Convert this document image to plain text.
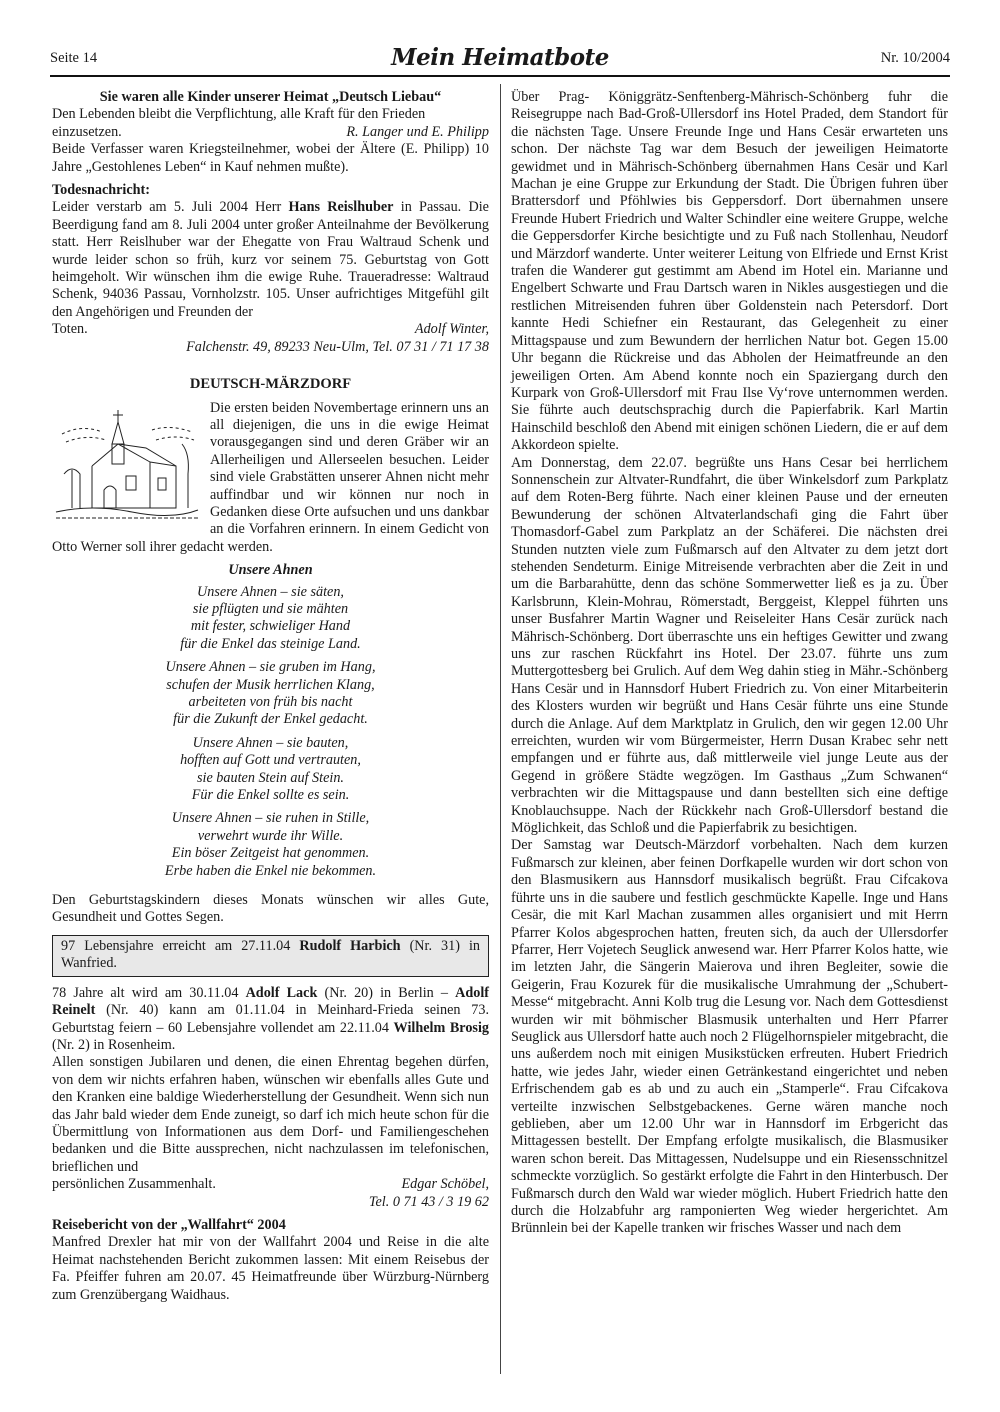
Seite 14	Mein Heimatbote	Nr. 10/2004

Sie waren alle Kinder unserer Heimat „Deutsch Liebau“

Den Lebenden bleibt die Verpflichtung, alle Kraft für den Frieden

einzusetzen.	R. Langer und E. Philipp

Beide Verfasser waren Kriegsteilnehmer, wobei der Ältere (E. Philipp) 10 Jahre „Gestohlenes Leben“ in Kauf nehmen mußte).

Todesnachricht:

Leider verstarb am 5. Juli 2004 Herr Hans Reislhuber in Passau. Die Beerdigung fand am 8. Juli 2004 unter großer Anteilnahme der Bevölkerung statt. Herr Reislhuber war der Ehegatte von Frau Waltraud Schenk und wurde leider schon so früh, kurz vor seinem 75. Geburtstag von Gott heimgeholt. Wir wünschen ihm die ewige Ruhe. Traueradresse: Waltraud Schenk, 94036 Passau, Vornholzstr. 105. Unser aufrichtiges Mitgefühl gilt den Angehörigen und Freunden der

Toten.	Adolf Winter,

Falchenstr. 49, 89233 Neu-Ulm, Tel. 07 31 / 71 17 38

DEUTSCH-MÄRZDORF

Die ersten beiden Novembertage erinnern uns an all diejenigen, die uns in die ewige Heimat vorausgegangen sind und deren Gräber wir an Allerheiligen und Allerseelen besuchen. Leider sind viele Grabstätten unserer Ahnen nicht mehr auffindbar und wir können nur noch in Gedanken diese Orte aufsuchen und uns dankbar an die Vorfahren erinnern. In einem Gedicht von Otto Werner soll ihrer gedacht werden.

Unsere Ahnen

Unsere Ahnen – sie säten,
sie pflügten und sie mähten
mit fester, schwieliger Hand
für die Enkel das steinige Land.
Unsere Ahnen – sie gruben im Hang,
schufen der Musik herrlichen Klang,
arbeiteten von früh bis nacht
für die Zukunft der Enkel gedacht.
Unsere Ahnen – sie bauten,
hofften auf Gott und vertrauten,
sie bauten Stein auf Stein.
Für die Enkel sollte es sein.
Unsere Ahnen – sie ruhen in Stille,
verwehrt wurde ihr Wille.
Ein böser Zeitgeist hat genommen.
Erbe haben die Enkel nie bekommen.

Den Geburtstagskindern dieses Monats wünschen wir alles Gute, Gesundheit und Gottes Segen.

97 Lebensjahre erreicht am 27.11.04 Rudolf Harbich (Nr. 31) in Wanfried.

78 Jahre alt wird am 30.11.04 Adolf Lack (Nr. 20) in Berlin – Adolf Reinelt (Nr. 40) kann am 01.11.04 in Meinhard-Frieda seinen 73. Geburtstag feiern – 60 Lebensjahre vollendet am 22.11.04 Wilhelm Brosig (Nr. 2) in Rosenheim.

Allen sonstigen Jubilaren und denen, die einen Ehrentag begehen dürfen, von dem wir nichts erfahren haben, wünschen wir ebenfalls alles Gute und den Kranken eine baldige Wiederherstellung der Gesundheit. Wenn sich nun das Jahr bald wieder dem Ende zuneigt, so darf ich mich heute schon für die Übermittlung von Informationen aus dem Dorf- und Familiengeschehen bedanken und die Bitte aussprechen, nicht nachzulassen im telefonischen, brieflichen und

persönlichen Zusammenhalt.	Edgar Schöbel,

Tel. 0 71 43 / 3 19 62

Reisebericht von der „Wallfahrt“ 2004

Manfred Drexler hat mir von der Wallfahrt 2004 und Reise in die alte Heimat nachstehenden Bericht zukommen lassen: Mit einem Reisebus der Fa. Pfeiffer fuhren am 20.07. 45 Heimatfreunde über Würzburg-Nürnberg zum Grenzübergang Waidhaus.

Über Prag- Königgrätz-Senftenberg-Mährisch-Schönberg fuhr die Reisegruppe nach Bad-Groß-Ullersdorf ins Hotel Praded, dem Standort für die nächsten Tage. Unsere Freunde Inge und Hans Cesär erwarteten uns schon. Der nächste Tag war dem Besuch der jeweiligen Heimatorte gewidmet und in Mährisch-Schönberg übernahmen Hans Cesär und Karl Machan je eine Gruppe zur Erkundung der Stadt. Die Übrigen fuhren über Brattersdorf und Pföhlwies bis Geppersdorf. Dort übernahmen unsere Freunde Hubert Friedrich und Walter Schindler eine weitere Gruppe, welche die Geppersdorfer Kirche besichtigte und zu Fuß nach Stollenhau, Neudorf und Märzdorf wanderte. Unter weiterer Leitung von Elfriede und Ernst Krist trafen die Wanderer gut gestimmt am Abend im Hotel ein. Marianne und Engelbert Schwarte und Frau Dartsch waren in Nikles ausgestiegen und die restlichen Mitreisenden fuhren über Goldenstein nach Petersdorf. Dort kannte Hedi Schiefner ein Restaurant, das Gelegenheit zu einer Mittagspause und zum Bewundern der herrlichen Natur bot. Gegen 15.00 Uhr begann die Rückreise und das Abholen der Heimatfreunde an den jeweiligen Orten. Am Abend konnte noch ein Spaziergang durch den Kurpark von Groß-Ullersdorf mit Frau Ilse Vy‘rove unternommen werden. Sie führte auch deutschsprachig durch die Papierfabrik. Karl Martin Hainschild beschloß den Abend mit einigen schönen Liedern, die er auf dem Akkordeon spielte.

Am Donnerstag, dem 22.07. begrüßte uns Hans Cesar bei herrlichem Sonnenschein zur Altvater-Rundfahrt, die über Winkelsdorf zum Parkplatz auf dem Roten-Berg führte. Nach einer kleinen Pause und der erneuten Bewunderung der schönen Altvaterlandschafi ging die Fahrt über Thomasdorf-Gabel zum Parkplatz an der Schäferei. Die nächsten drei Stunden nutzten viele zum Fußmarsch auf den Altvater zu dem jetzt dort stehenden Sendeturm. Einige Mitreisende verbrachten aber die Zeit in und um die Barbarahütte, denn das schöne Sommerwetter ließ es ja zu. Über Karlsbrunn, Klein-Mohrau, Römerstadt, Berggeist, Kleppel führten uns unser Busfahrer Martin Wagner und Reiseleiter Hans Cesär zurück nach Mährisch-Schönberg. Dort überraschte uns ein heftiges Gewitter und zwang uns zur raschen Rückfahrt ins Hotel. Der 23.07. führte uns zum Muttergottesberg bei Grulich. Auf dem Weg dahin stieg in Mähr.-Schönberg Hans Cesär und in Hannsdorf Hubert Friedrich zu. Von einer Mitarbeiterin des Klosters wurden wir begrüßt und Hans Cesär führte uns eine Stunde durch die Anlage. Auf dem Marktplatz in Grulich, den wir gegen 12.00 Uhr erreichten, wurden wir vom Bürgermeister, Herrn Dusan Krabec sehr nett empfangen und er führte aus, daß mittlerweile viel junge Leute aus der Gegend in größere Städte wegzögen. Im Gasthaus „Zum Schwanen“ verbrachten wir die Mittagspause und dann bestellten sich eine deftige Knoblauchsuppe. Nach der Rückkehr nach Groß-Ullersdorf bestand die Möglichkeit, das Schloß und die Papierfabrik zu besichtigen.

Der Samstag war Deutsch-Märzdorf vorbehalten. Nach dem kurzen Fußmarsch zur kleinen, aber feinen Dorfkapelle wurden wir dort schon von den Blasmusikern aus Hannsdorf musikalisch begrüßt. Frau Cifcakova führte uns in die saubere und festlich geschmückte Kapelle. Inge und Hans Cesär, die mit Karl Machan zusammen alles organisiert und mit Herrn Pfarrer Kolos abgesprochen hatten, freuten sich, da auch der Ullersdorfer Pfarrer, Herr Vojetech Seuglick anwesend war. Herr Pfarrer Kolos hatte, wie im letzten Jahr, die Sängerin Maierova und ihren Begleiter, sowie die Geigerin, Frau Kozurek für die musikalische Umrahmung der „Schubert-Messe“ mitgebracht. Anni Kolb trug die Lesung vor. Nach dem Gottesdienst wurden wir mit böhmischer Blasmusik unterhalten und Herr Pfarrer Seuglick aus Ullersdorf hatte auch noch 2 Flügelhornspieler mitgebracht, die uns außerdem noch mit einigen Musikstücken erfreuten. Hubert Friedrich hatte, wie jedes Jahr, wieder einen Getränkestand eingerichtet und neben Erfrischendem gab es ab und zu auch ein „Stamperle“. Frau Cifcakova verteilte inzwischen Selbstgebackenes. Gerne wären manche noch geblieben, aber um 12.00 Uhr war in Hannsdorf im Erbgericht das Mittagessen bestellt. Der Empfang erfolgte musikalisch, die Blasmusiker waren schon bereit. Das Mittagessen, Nudelsuppe und ein Riesensschnitzel schmeckte vorzüglich. So gestärkt erfolgte die Fahrt in den Hinterbusch. Der Fußmarsch durch den Wald war wieder möglich. Hubert Friedrich hatte den durch die Holzabfuhr arg ramponierten Weg wieder hergerichtet. Am Brünnlein bei der Kapelle tranken wir frisches Wasser und nach dem
